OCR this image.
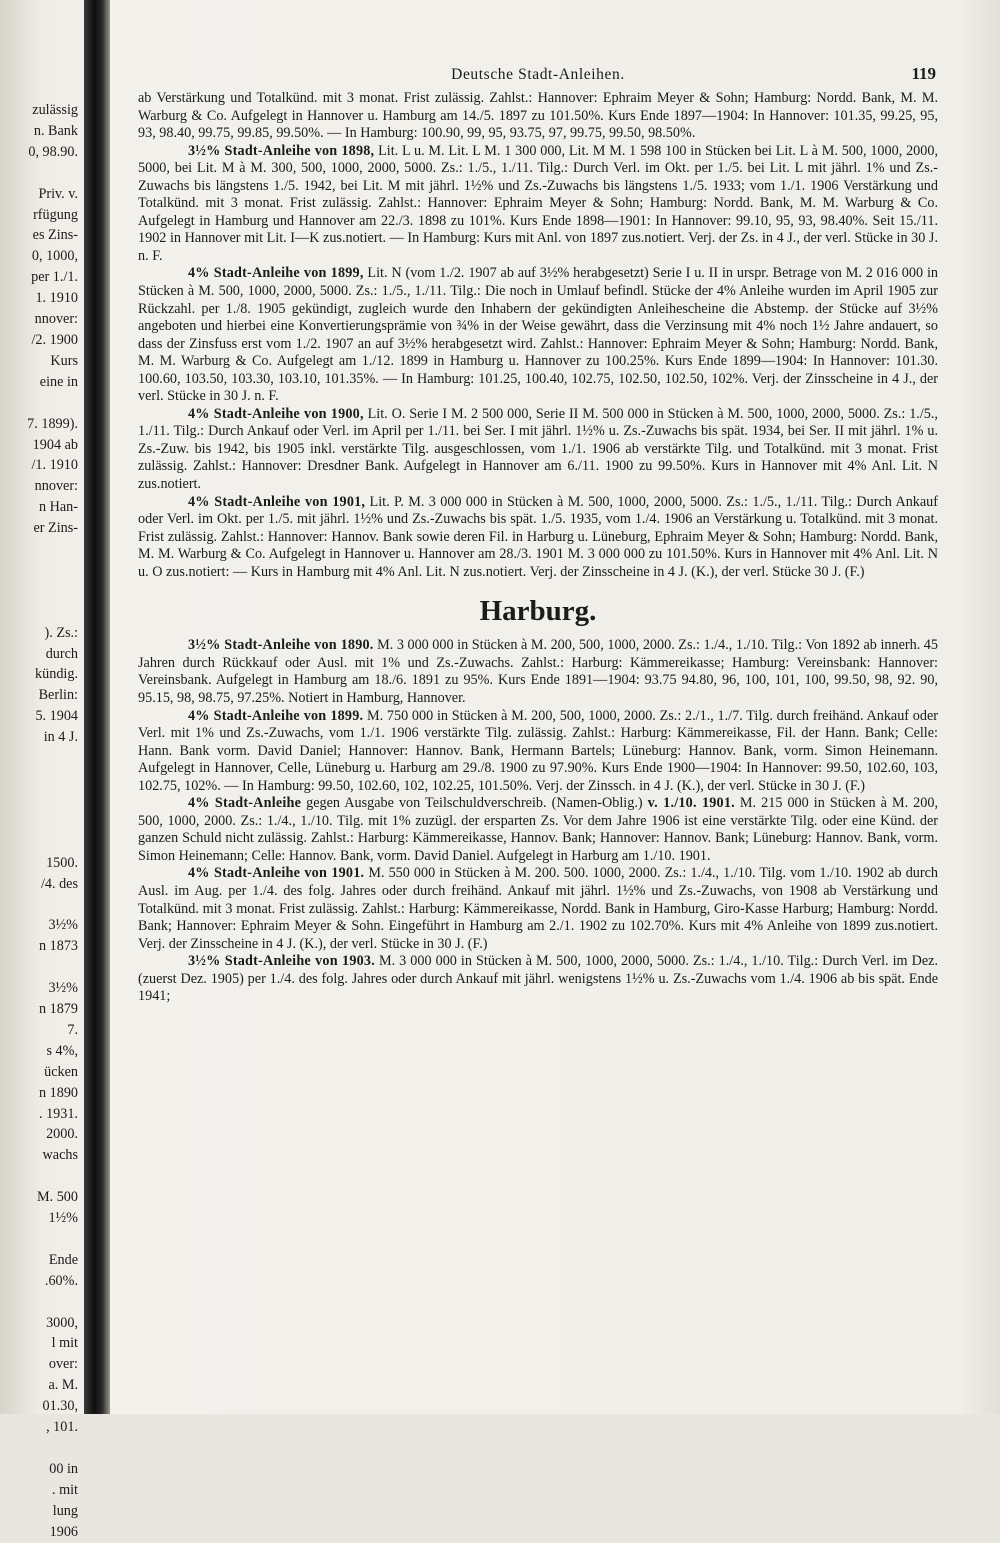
zulässig
n. Bank
0, 98.90.

Priv. v.
rfügung
es Zins-
0, 1000,
per 1./1.
1. 1910
nnover:
/2. 1900
Kurs
eine in

7. 1899).
1904 ab
/1. 1910
nnover:
n Han-
er Zins-

). Zs.:
durch
kündig.
Berlin:
5. 1904
in 4 J.

1500.
/4. des

3½%
n 1873

3½%
n 1879
7.
s 4%,
ücken
n 1890
. 1931.
2000.
wachs

M. 500
1½%

Ende
.60%.

3000,
l mit
over:
a. M.
01.30,
, 101.

00 in
. mit
lung
1906
Deutsche Stadt-Anleihen.	119

ab Verstärkung und Totalkünd. mit 3 monat. Frist zulässig. Zahlst.: Hannover: Ephraim Meyer & Sohn; Hamburg: Nordd. Bank, M. M. Warburg & Co. Aufgelegt in Hannover u. Hamburg am 14./5. 1897 zu 101.50%. Kurs Ende 1897—1904: In Hannover: 101.35, 99.25, 95, 93, 98.40, 99.75, 99.85, 99.50%. — In Hamburg: 100.90, 99, 95, 93.75, 97, 99.75, 99.50, 98.50%.

3½% Stadt-Anleihe von 1898, Lit. L u. M. Lit. L M. 1 300 000, Lit. M M. 1 598 100 in Stücken bei Lit. L à M. 500, 1000, 2000, 5000, bei Lit. M à M. 300, 500, 1000, 2000, 5000. Zs.: 1./5., 1./11. Tilg.: Durch Verl. im Okt. per 1./5. bei Lit. L mit jährl. 1% und Zs.-Zuwachs bis längstens 1./5. 1942, bei Lit. M mit jährl. 1½% und Zs.-Zuwachs bis längstens 1./5. 1933; vom 1./1. 1906 Verstärkung und Totalkünd. mit 3 monat. Frist zulässig. Zahlst.: Hannover: Ephraim Meyer & Sohn; Hamburg: Nordd. Bank, M. M. Warburg & Co. Aufgelegt in Hamburg und Hannover am 22./3. 1898 zu 101%. Kurs Ende 1898—1901: In Hannover: 99.10, 95, 93, 98.40%. Seit 15./11. 1902 in Hannover mit Lit. I—K zus.notiert. — In Hamburg: Kurs mit Anl. von 1897 zus.notiert. Verj. der Zs. in 4 J., der verl. Stücke in 30 J. n. F.

4% Stadt-Anleihe von 1899, Lit. N (vom 1./2. 1907 ab auf 3½% herabgesetzt) Serie I u. II in urspr. Betrage von M. 2 016 000 in Stücken à M. 500, 1000, 2000, 5000. Zs.: 1./5., 1./11. Tilg.: Die noch in Umlauf befindl. Stücke der 4% Anleihe wurden im April 1905 zur Rückzahl. per 1./8. 1905 gekündigt, zugleich wurde den Inhabern der gekündigten Anleihescheine die Abstemp. der Stücke auf 3½% angeboten und hierbei eine Konvertierungsprämie von ¾% in der Weise gewährt, dass die Verzinsung mit 4% noch 1½ Jahre andauert, so dass der Zinsfuss erst vom 1./2. 1907 an auf 3½% herabgesetzt wird. Zahlst.: Hannover: Ephraim Meyer & Sohn; Hamburg: Nordd. Bank, M. M. Warburg & Co. Aufgelegt am 1./12. 1899 in Hamburg u. Hannover zu 100.25%. Kurs Ende 1899—1904: In Hannover: 101.30. 100.60, 103.50, 103.30, 103.10, 101.35%. — In Hamburg: 101.25, 100.40, 102.75, 102.50, 102.50, 102%. Verj. der Zinsscheine in 4 J., der verl. Stücke in 30 J. n. F.

4% Stadt-Anleihe von 1900, Lit. O. Serie I M. 2 500 000, Serie II M. 500 000 in Stücken à M. 500, 1000, 2000, 5000. Zs.: 1./5., 1./11. Tilg.: Durch Ankauf oder Verl. im April per 1./11. bei Ser. I mit jährl. 1½% u. Zs.-Zuwachs bis spät. 1934, bei Ser. II mit jährl. 1% u. Zs.-Zuw. bis 1942, bis 1905 inkl. verstärkte Tilg. ausgeschlossen, vom 1./1. 1906 ab verstärkte Tilg. und Totalkünd. mit 3 monat. Frist zulässig. Zahlst.: Hannover: Dresdner Bank. Aufgelegt in Hannover am 6./11. 1900 zu 99.50%. Kurs in Hannover mit 4% Anl. Lit. N zus.notiert.

4% Stadt-Anleihe von 1901, Lit. P. M. 3 000 000 in Stücken à M. 500, 1000, 2000, 5000. Zs.: 1./5., 1./11. Tilg.: Durch Ankauf oder Verl. im Okt. per 1./5. mit jährl. 1½% und Zs.-Zuwachs bis spät. 1./5. 1935, vom 1./4. 1906 an Verstärkung u. Totalkünd. mit 3 monat. Frist zulässig. Zahlst.: Hannover: Hannov. Bank sowie deren Fil. in Harburg u. Lüneburg, Ephraim Meyer & Sohn; Hamburg: Nordd. Bank, M. M. Warburg & Co. Aufgelegt in Hannover u. Hannover am 28./3. 1901 M. 3 000 000 zu 101.50%. Kurs in Hannover mit 4% Anl. Lit. N u. O zus.notiert: — Kurs in Hamburg mit 4% Anl. Lit. N zus.notiert. Verj. der Zinsscheine in 4 J. (K.), der verl. Stücke 30 J. (F.)

Harburg.

3½% Stadt-Anleihe von 1890. M. 3 000 000 in Stücken à M. 200, 500, 1000, 2000. Zs.: 1./4., 1./10. Tilg.: Von 1892 ab innerh. 45 Jahren durch Rückkauf oder Ausl. mit 1% und Zs.-Zuwachs. Zahlst.: Harburg: Kämmereikasse; Hamburg: Vereinsbank: Hannover: Vereinsbank. Aufgelegt in Hamburg am 18./6. 1891 zu 95%. Kurs Ende 1891—1904: 93.75 94.80, 96, 100, 101, 100, 99.50, 98, 92. 90, 95.15, 98, 98.75, 97.25%. Notiert in Hamburg, Hannover.

4% Stadt-Anleihe von 1899. M. 750 000 in Stücken à M. 200, 500, 1000, 2000. Zs.: 2./1., 1./7. Tilg. durch freihänd. Ankauf oder Verl. mit 1% und Zs.-Zuwachs, vom 1./1. 1906 verstärkte Tilg. zulässig. Zahlst.: Harburg: Kämmereikasse, Fil. der Hann. Bank; Celle: Hann. Bank vorm. David Daniel; Hannover: Hannov. Bank, Hermann Bartels; Lüneburg: Hannov. Bank, vorm. Simon Heinemann. Aufgelegt in Hannover, Celle, Lüneburg u. Harburg am 29./8. 1900 zu 97.90%. Kurs Ende 1900—1904: In Hannover: 99.50, 102.60, 103, 102.75, 102%. — In Hamburg: 99.50, 102.60, 102, 102.25, 101.50%. Verj. der Zinssch. in 4 J. (K.), der verl. Stücke in 30 J. (F.)

4% Stadt-Anleihe gegen Ausgabe von Teilschuldverschreib. (Namen-Oblig.) v. 1./10. 1901. M. 215 000 in Stücken à M. 200, 500, 1000, 2000. Zs.: 1./4., 1./10. Tilg. mit 1% zuzügl. der ersparten Zs. Vor dem Jahre 1906 ist eine verstärkte Tilg. oder eine Künd. der ganzen Schuld nicht zulässig. Zahlst.: Harburg: Kämmereikasse, Hannov. Bank; Hannover: Hannov. Bank; Lüneburg: Hannov. Bank, vorm. Simon Heinemann; Celle: Hannov. Bank, vorm. David Daniel. Aufgelegt in Harburg am 1./10. 1901.

4% Stadt-Anleihe von 1901. M. 550 000 in Stücken à M. 200. 500. 1000, 2000. Zs.: 1./4., 1./10. Tilg. vom 1./10. 1902 ab durch Ausl. im Aug. per 1./4. des folg. Jahres oder durch freihänd. Ankauf mit jährl. 1½% und Zs.-Zuwachs, von 1908 ab Verstärkung und Totalkünd. mit 3 monat. Frist zulässig. Zahlst.: Harburg: Kämmereikasse, Nordd. Bank in Hamburg, Giro-Kasse Harburg; Hamburg: Nordd. Bank; Hannover: Ephraim Meyer & Sohn. Eingeführt in Hamburg am 2./1. 1902 zu 102.70%. Kurs mit 4% Anleihe von 1899 zus.notiert. Verj. der Zinsscheine in 4 J. (K.), der verl. Stücke in 30 J. (F.)

3½% Stadt-Anleihe von 1903. M. 3 000 000 in Stücken à M. 500, 1000, 2000, 5000. Zs.: 1./4., 1./10. Tilg.: Durch Verl. im Dez. (zuerst Dez. 1905) per 1./4. des folg. Jahres oder durch Ankauf mit jährl. wenigstens 1½% u. Zs.-Zuwachs vom 1./4. 1906 ab bis spät. Ende 1941;
